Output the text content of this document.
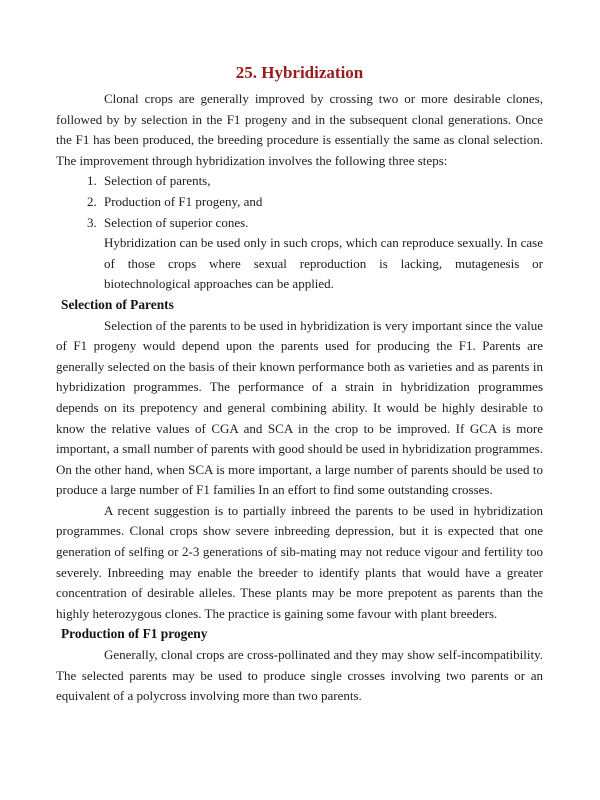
25. Hybridization

Clonal crops are generally improved by crossing two or more desirable clones, followed by by selection in the F1 progeny and in the subsequent clonal generations. Once the F1 has been produced, the breeding procedure is essentially the same as clonal selection. The improvement through hybridization involves the following three steps:

1. Selection of parents,
2. Production of F1 progeny, and
3. Selection of superior cones.

Hybridization can be used only in such crops, which can reproduce sexually. In case of those crops where sexual reproduction is lacking, mutagenesis or biotechnological approaches can be applied.

Selection of Parents

Selection of the parents to be used in hybridization is very important since the value of F1 progeny would depend upon the parents used for producing the F1. Parents are generally selected on the basis of their known performance both as varieties and as parents in hybridization programmes. The performance of a strain in hybridization programmes depends on its prepotency and general combining ability. It would be highly desirable to know the relative values of CGA and SCA in the crop to be improved. If GCA is more important, a small number of parents with good should be used in hybridization programmes. On the other hand, when SCA is more important, a large number of parents should be used to produce a large number of F1 families In an effort to find some outstanding crosses.

A recent suggestion is to partially inbreed the parents to be used in hybridization programmes. Clonal crops show severe inbreeding depression, but it is expected that one generation of selfing or 2-3 generations of sib-mating may not reduce vigour and fertility too severely. Inbreeding may enable the breeder to identify plants that would have a greater concentration of desirable alleles. These plants may be more prepotent as parents than the highly heterozygous clones. The practice is gaining some favour with plant breeders.

Production of F1 progeny

Generally, clonal crops are cross-pollinated and they may show self-incompatibility. The selected parents may be used to produce single crosses involving two parents or an equivalent of a polycross involving more than two parents.
